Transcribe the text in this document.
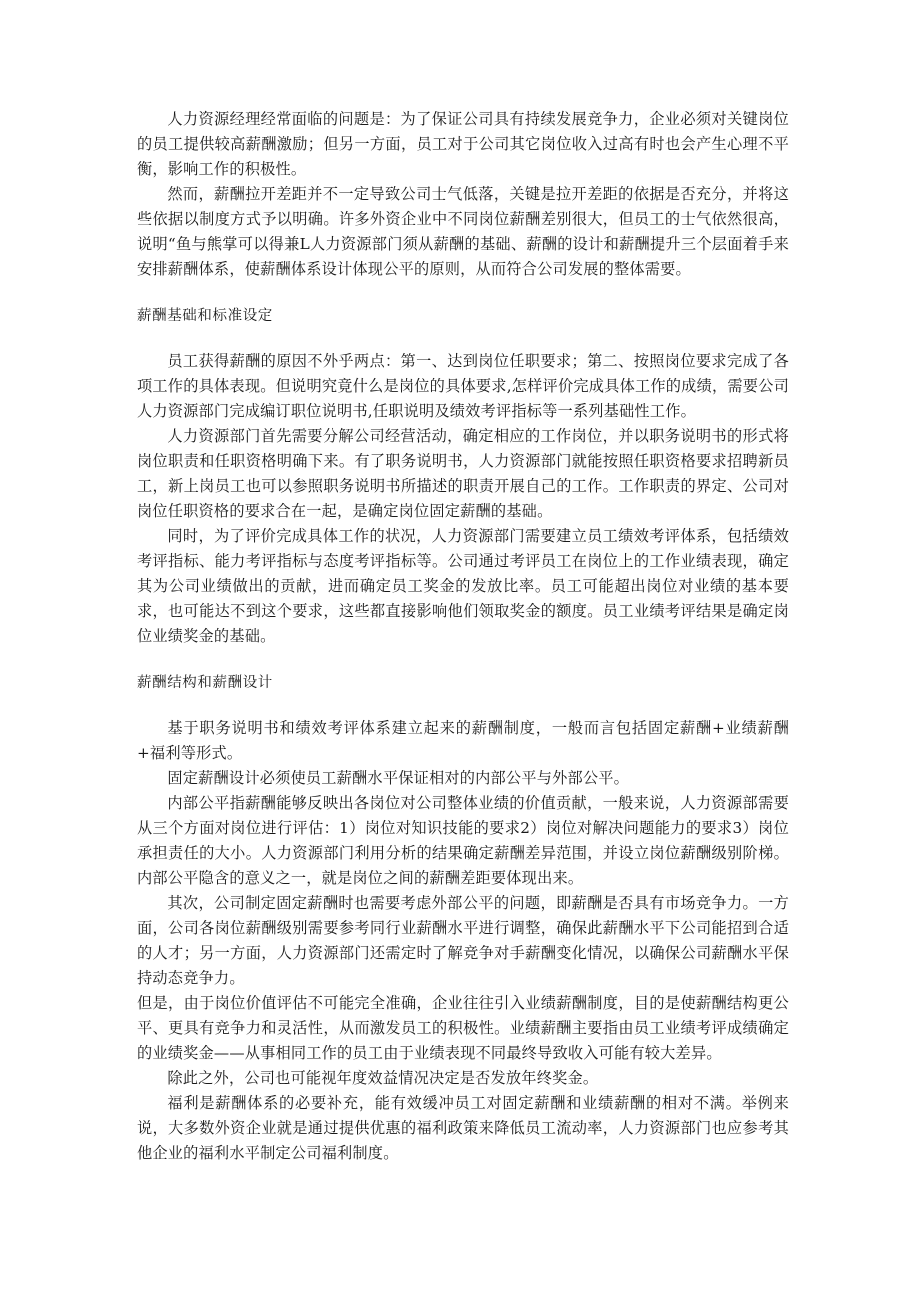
人力资源经理经常面临的问题是：为了保证公司具有持续发展竞争力，企业必须对关键岗位的员工提供较高薪酬激励；但另一方面，员工对于公司其它岗位收入过高有时也会产生心理不平衡，影响工作的积极性。

然而，薪酬拉开差距并不一定导致公司士气低落，关键是拉开差距的依据是否充分，并将这些依据以制度方式予以明确。许多外资企业中不同岗位薪酬差别很大，但员工的士气依然很高，说明“鱼与熊掌可以得兼L人力资源部门须从薪酬的基础、薪酬的设计和薪酬提升三个层面着手来安排薪酬体系，使薪酬体系设计体现公平的原则，从而符合公司发展的整体需要。

薪酬基础和标准设定

员工获得薪酬的原因不外乎两点：第一、达到岗位任职要求；第二、按照岗位要求完成了各项工作的具体表现。但说明究竟什么是岗位的具体要求,怎样评价完成具体工作的成绩，需要公司人力资源部门完成编订职位说明书,任职说明及绩效考评指标等一系列基础性工作。

人力资源部门首先需要分解公司经营活动，确定相应的工作岗位，并以职务说明书的形式将岗位职责和任职资格明确下来。有了职务说明书，人力资源部门就能按照任职资格要求招聘新员工，新上岗员工也可以参照职务说明书所描述的职责开展自己的工作。工作职责的界定、公司对岗位任职资格的要求合在一起，是确定岗位固定薪酬的基础。

同时，为了评价完成具体工作的状况，人力资源部门需要建立员工绩效考评体系，包括绩效考评指标、能力考评指标与态度考评指标等。公司通过考评员工在岗位上的工作业绩表现，确定其为公司业绩做出的贡献，进而确定员工奖金的发放比率。员工可能超出岗位对业绩的基本要求，也可能达不到这个要求，这些都直接影响他们领取奖金的额度。员工业绩考评结果是确定岗位业绩奖金的基础。

薪酬结构和薪酬设计

基于职务说明书和绩效考评体系建立起来的薪酬制度，一般而言包括固定薪酬+业绩薪酬+福利等形式。

固定薪酬设计必须使员工薪酬水平保证相对的内部公平与外部公平。

内部公平指薪酬能够反映出各岗位对公司整体业绩的价值贡献，一般来说，人力资源部需要从三个方面对岗位进行评估：1）岗位对知识技能的要求2）岗位对解决问题能力的要求3）岗位承担责任的大小。人力资源部门利用分析的结果确定薪酬差异范围，并设立岗位薪酬级别阶梯。内部公平隐含的意义之一，就是岗位之间的薪酬差距要体现出来。

其次，公司制定固定薪酬时也需要考虑外部公平的问题，即薪酬是否具有市场竞争力。一方面，公司各岗位薪酬级别需要参考同行业薪酬水平进行调整，确保此薪酬水平下公司能招到合适的人才；另一方面，人力资源部门还需定时了解竞争对手薪酬变化情况，以确保公司薪酬水平保持动态竞争力。

但是，由于岗位价值评估不可能完全准确，企业往往引入业绩薪酬制度，目的是使薪酬结构更公平、更具有竞争力和灵活性，从而激发员工的积极性。业绩薪酬主要指由员工业绩考评成绩确定的业绩奖金——从事相同工作的员工由于业绩表现不同最终导致收入可能有较大差异。

除此之外，公司也可能视年度效益情况决定是否发放年终奖金。

福利是薪酬体系的必要补充，能有效缓冲员工对固定薪酬和业绩薪酬的相对不满。举例来说，大多数外资企业就是通过提供优惠的福利政策来降低员工流动率，人力资源部门也应参考其他企业的福利水平制定公司福利制度。
